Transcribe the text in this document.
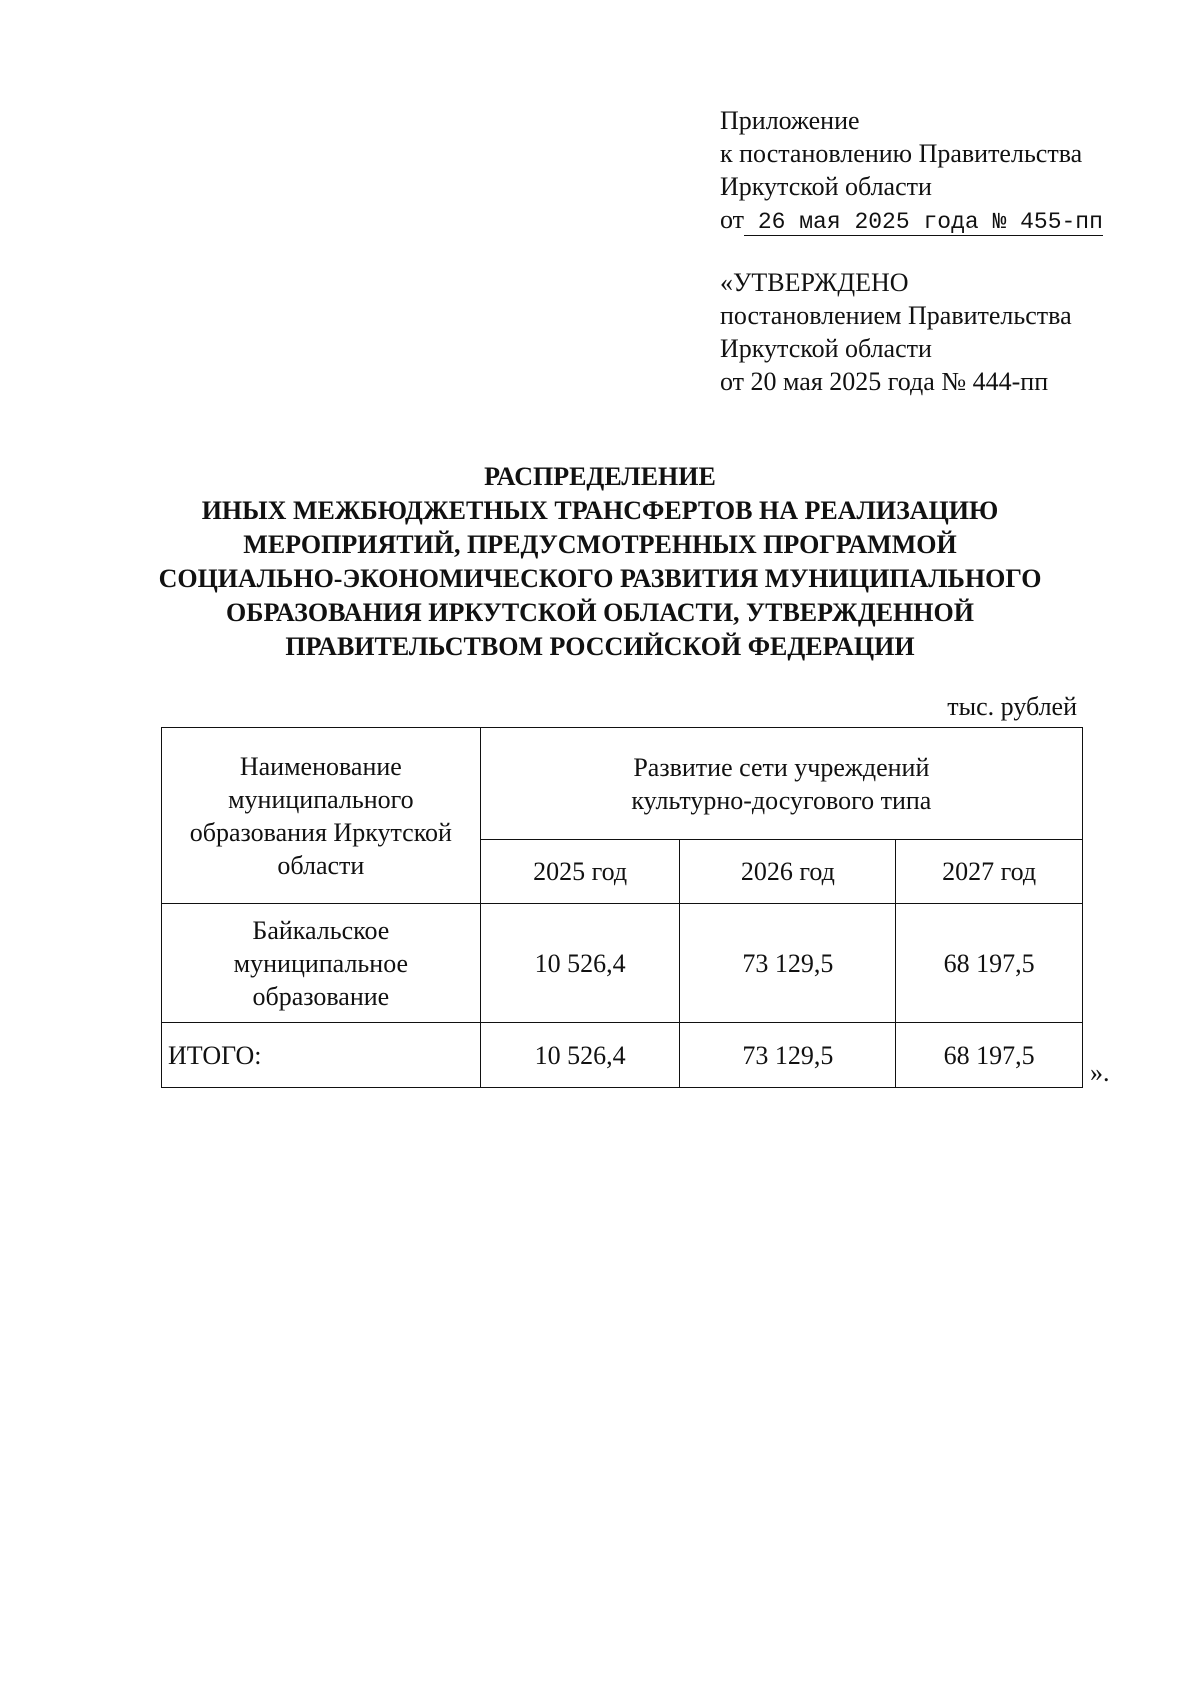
Приложение
к постановлению Правительства
Иркутской области
от 26 мая 2025 года № 455-пп
«УТВЕРЖДЕНО
постановлением Правительства
Иркутской области
от 20 мая 2025 года № 444-пп
РАСПРЕДЕЛЕНИЕ
ИНЫХ МЕЖБЮДЖЕТНЫХ ТРАНСФЕРТОВ НА РЕАЛИЗАЦИЮ
МЕРОПРИЯТИЙ, ПРЕДУСМОТРЕННЫХ ПРОГРАММОЙ
СОЦИАЛЬНО-ЭКОНОМИЧЕСКОГО РАЗВИТИЯ МУНИЦИПАЛЬНОГО
ОБРАЗОВАНИЯ ИРКУТСКОЙ ОБЛАСТИ, УТВЕРЖДЕННОЙ
ПРАВИТЕЛЬСТВОМ РОССИЙСКОЙ ФЕДЕРАЦИИ
тыс. рублей
Наименование муниципального образования Иркутской области	Развитие сети учреждений культурно-досугового типа		

	2025 год	2026 год	2027 год

Байкальское муниципальное образование	10 526,4	73 129,5	68 197,5
ИТОГО:	10 526,4	73 129,5	68 197,5
».
